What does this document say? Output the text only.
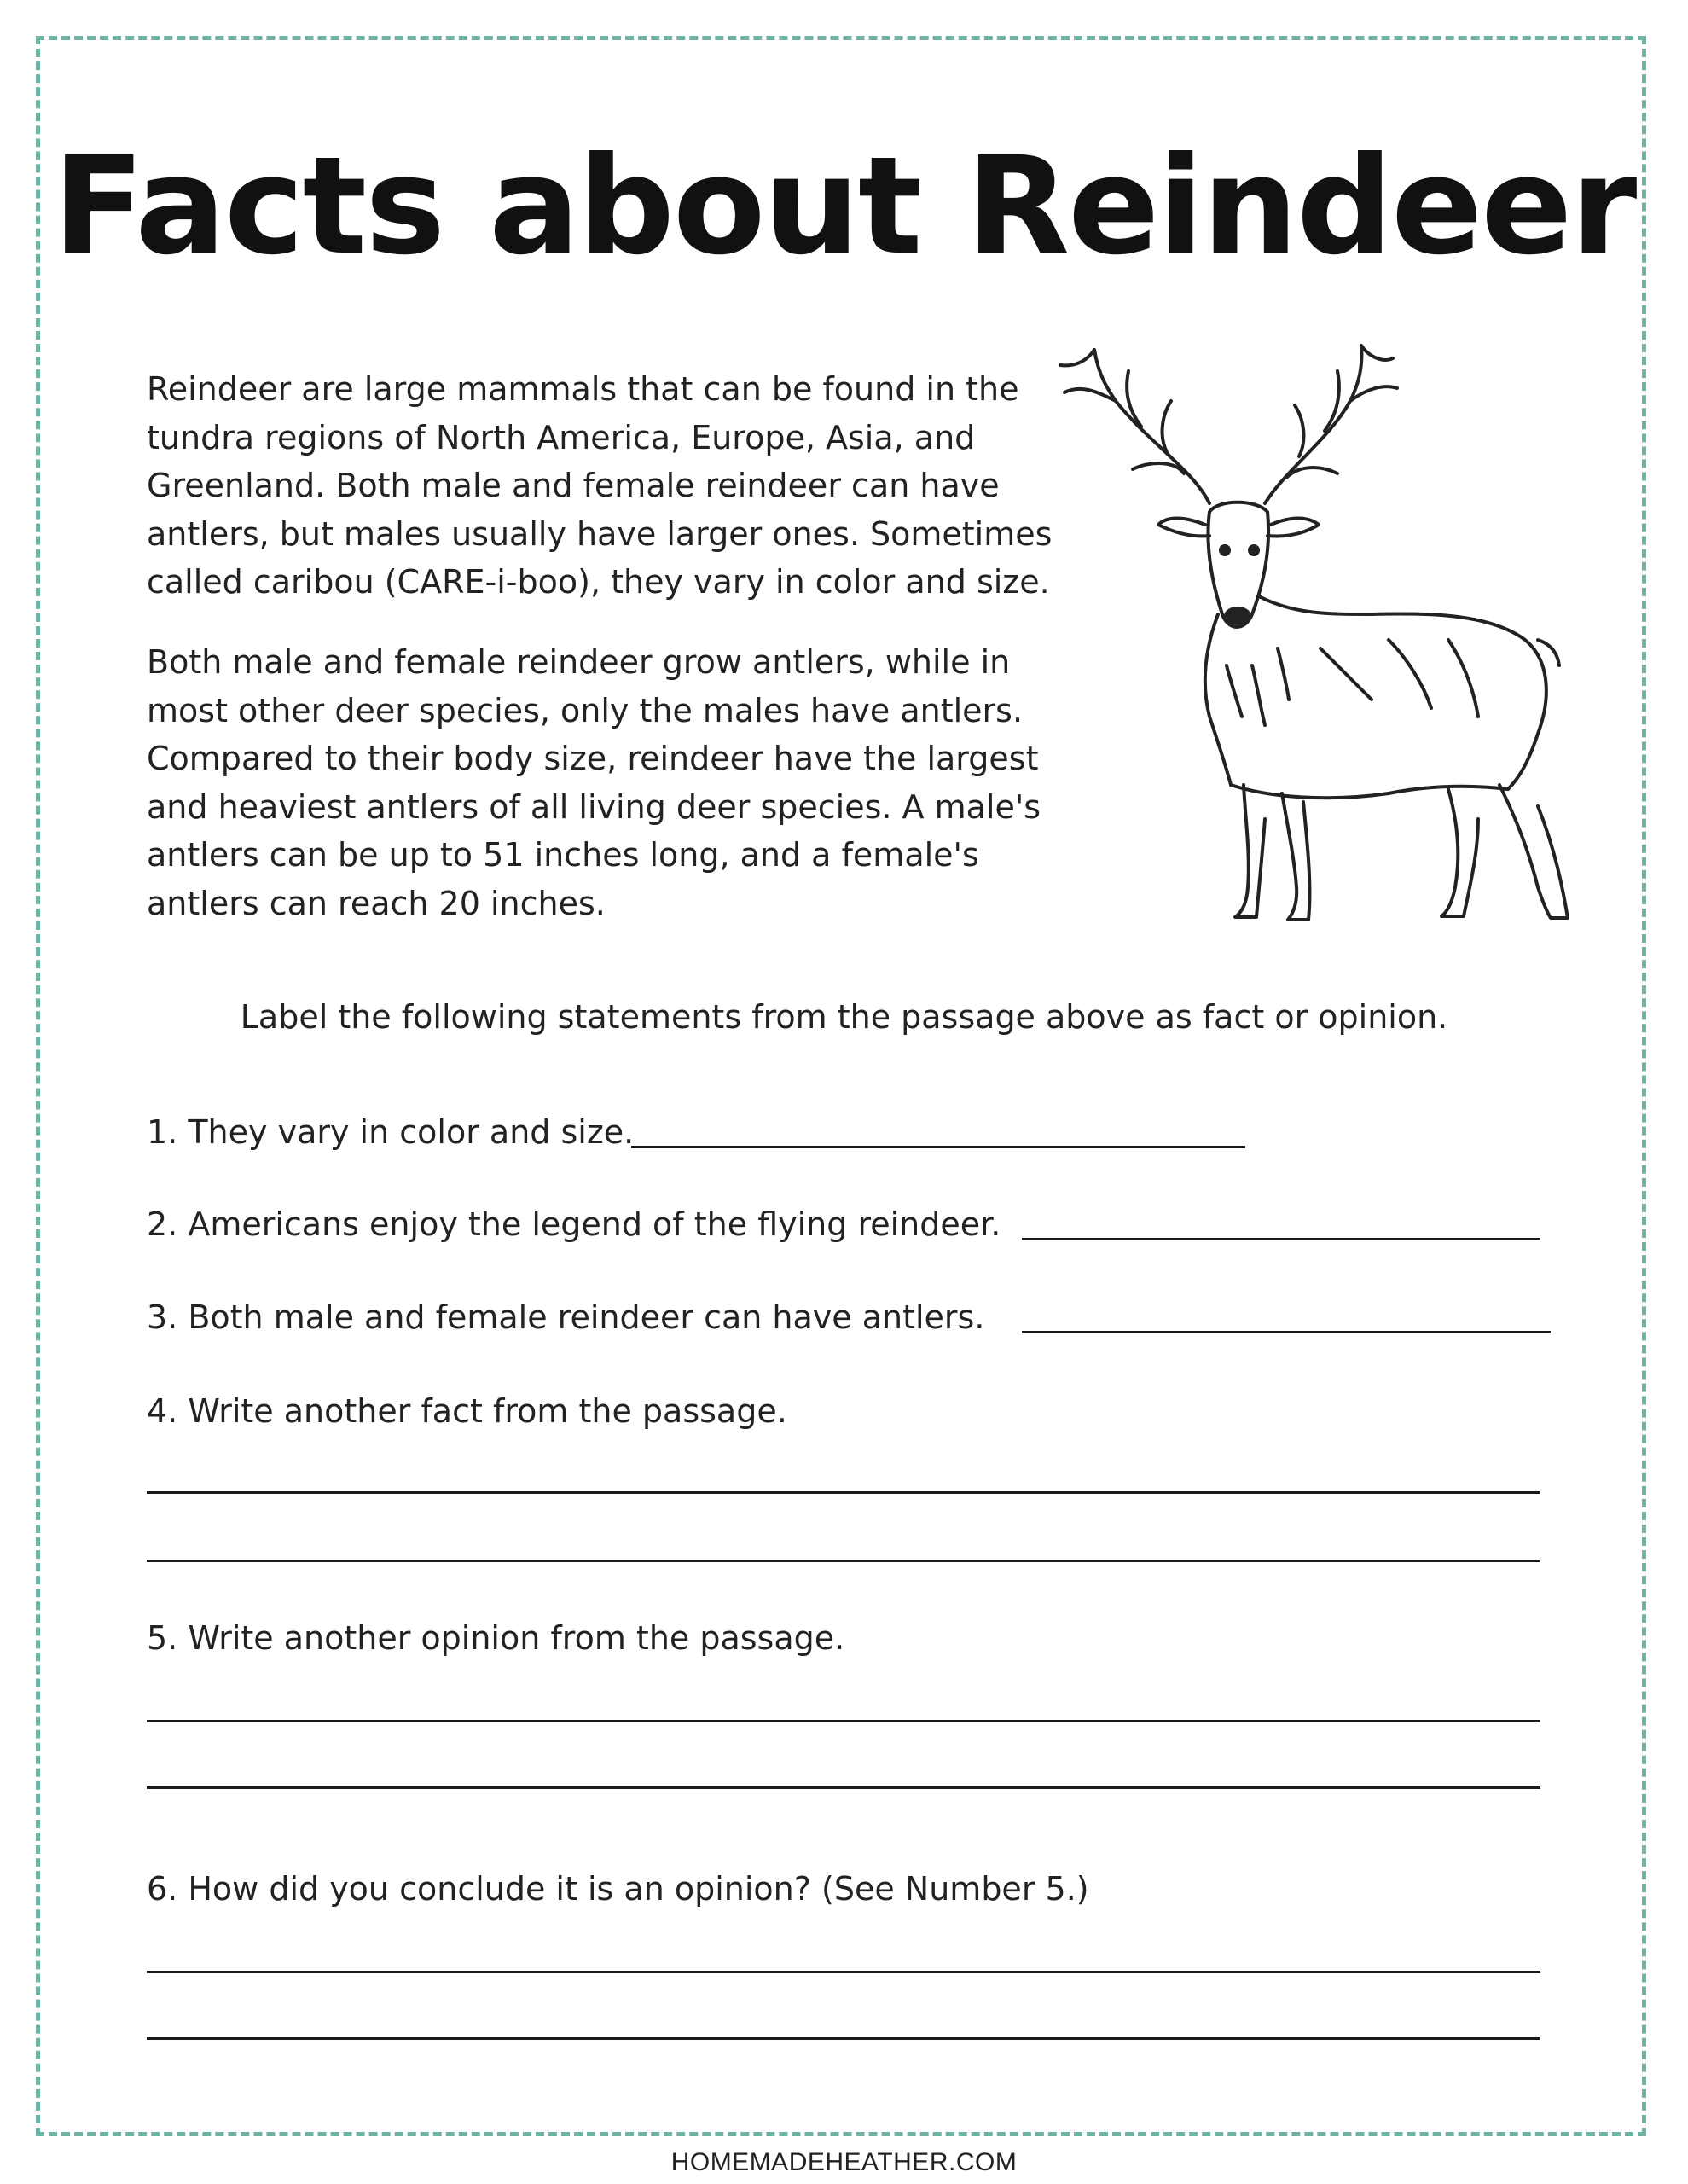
Facts about Reindeer

Reindeer are large mammals that can be found in the tundra regions of North America, Europe, Asia, and Greenland. Both male and female reindeer can have antlers, but males usually have larger ones. Sometimes called caribou (CARE-i-boo), they vary in color and size.

Both male and female reindeer grow antlers, while in most other deer species, only the males have antlers. Compared to their body size, reindeer have the largest and heaviest antlers of all living deer species. A male's antlers can be up to 51 inches long, and a female's antlers can reach 20 inches.

Label the following statements from the passage above as fact or opinion.
1. They vary in color and size.
2. Americans enjoy the legend of the flying reindeer.
3. Both male and female reindeer can have antlers.
4. Write another fact from the passage.
5. Write another opinion from the passage.
6. How did you conclude it is an opinion? (See Number 5.)
HOMEMADEHEATHER.COM
